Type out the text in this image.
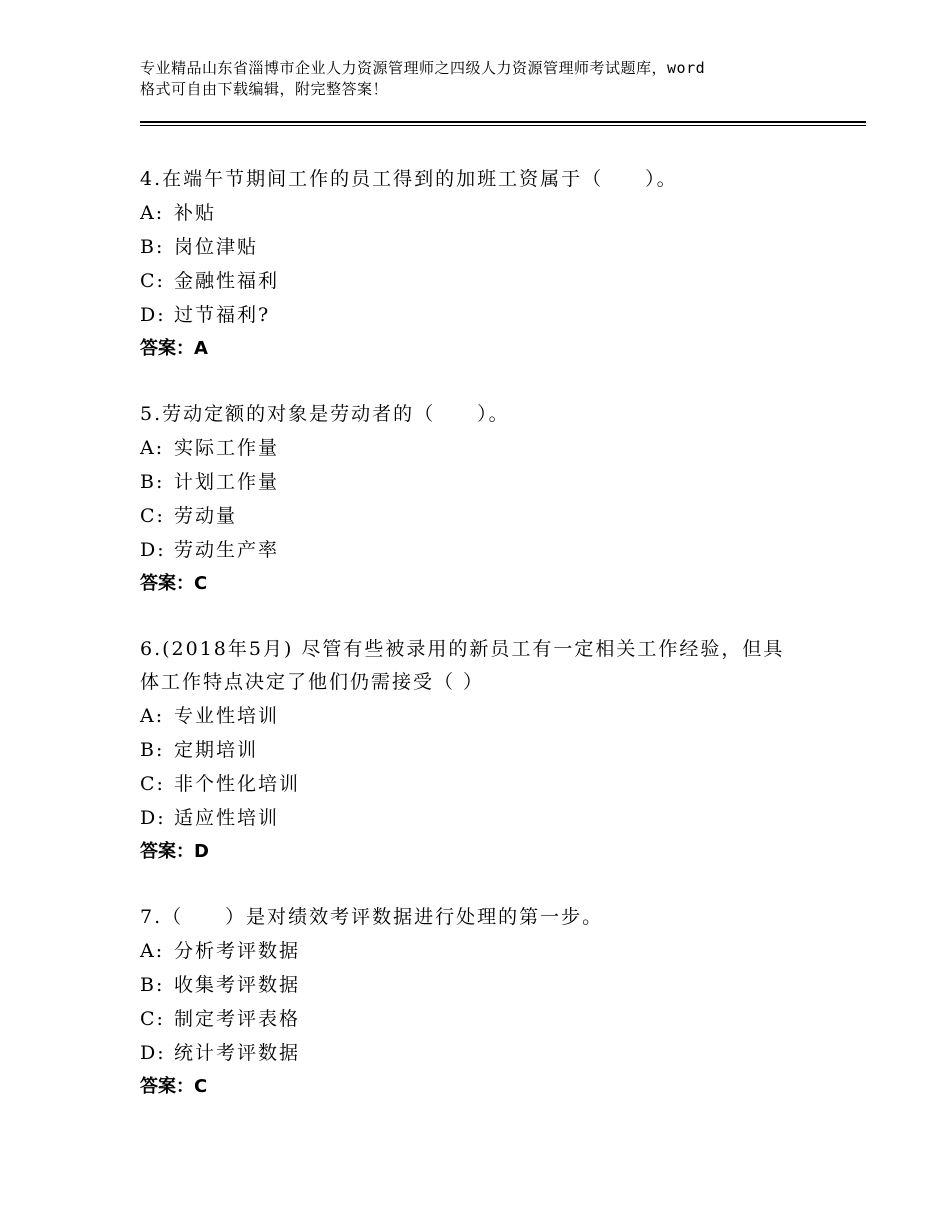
专业精品山东省淄博市企业人力资源管理师之四级人力资源管理师考试题库，word
格式可自由下载编辑，附完整答案！

4.在端午节期间工作的员工得到的加班工资属于（　　）。

A: 补贴

B: 岗位津贴

C: 金融性福利

D: 过节福利?

答案：A

5.劳动定额的对象是劳动者的（　　）。

A: 实际工作量

B: 计划工作量

C: 劳动量

D: 劳动生产率

答案：C

6.(2018年5月) 尽管有些被录用的新员工有一定相关工作经验，但具

体工作特点决定了他们仍需接受（ ）

A: 专业性培训

B: 定期培训

C: 非个性化培训

D: 适应性培训

答案：D

7.（　　）是对绩效考评数据进行处理的第一步。

A: 分析考评数据

B: 收集考评数据

C: 制定考评表格

D: 统计考评数据

答案：C
